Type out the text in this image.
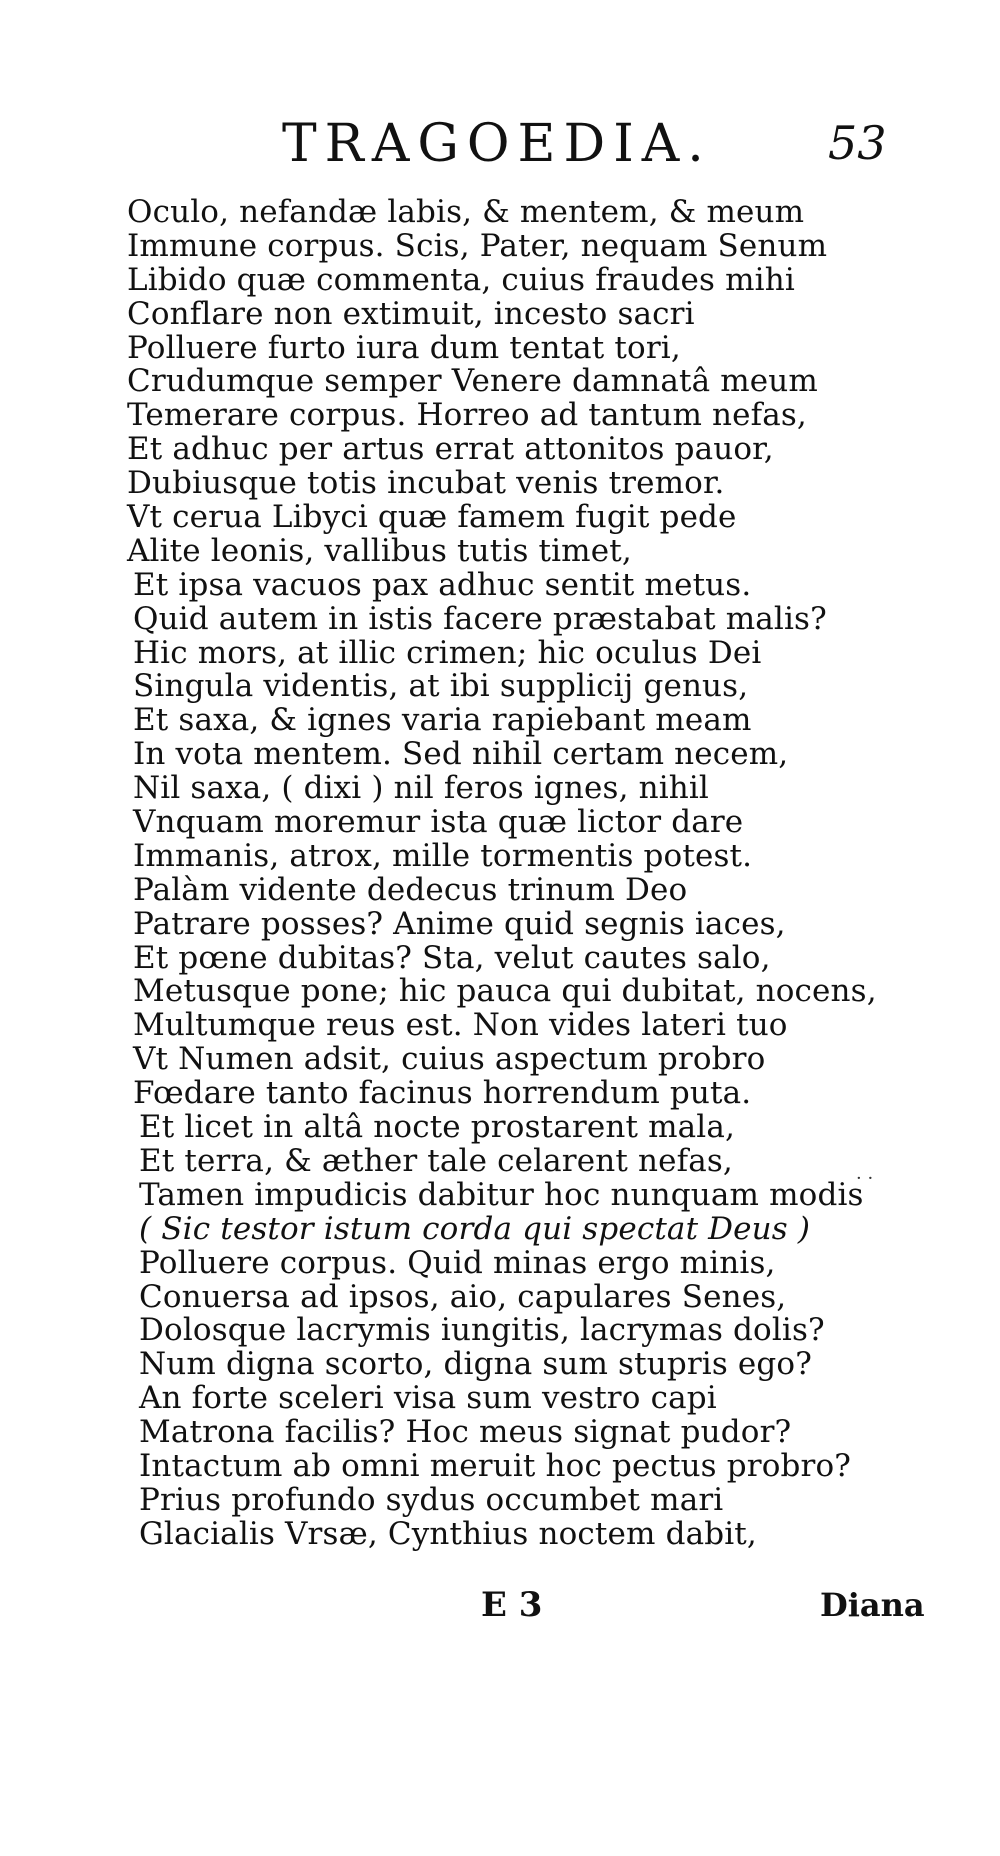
TRAGOEDIA.	53
Oculo, nefandæ labis, & mentem, & meum
Immune corpus. Scis, Pater, nequam Senum
Libido quæ commenta, cuius fraudes mihi
Conflare non extimuit, incesto sacri
Polluere furto iura dum tentat tori,
Crudumque semper Venere damnatâ meum
Temerare corpus. Horreo ad tantum nefas,
Et adhuc per artus errat attonitos pauor,
Dubiusque totis incubat venis tremor.
Vt ceruа Libyci quæ famem fugit pede
Alite leonis, vallibus tutis timet,
Et ipsa vacuos pax adhuc sentit metus.
Quid autem in istis facere præstabat malis?
Hic mors, at illic crimen; hic oculus Dei
Singula videntis, at ibi supplicij genus,
Et saxa, & ignes varia rapiebant meam
In vota mentem. Sed nihil certam necem,
Nil saxa, ( dixi ) nil feros ignes, nihil
Vnquam moremur ista quæ lictor dare
Immanis, atrox, mille tormentis potest.
Palàm vidente dedecus trinum Deo
Patrare posses? Anime quid segnis iaces,
Et pœne dubitas? Sta, velut cautes salo,
Metusque pone; hic pauca qui dubitat, nocens,
Multumque reus est. Non vides lateri tuo
Vt Numen adsit, cuius aspectum probro
Fœdare tanto facinus horrendum puta.
Et licet in altâ nocte prostarent mala,
Et terra, & æther tale celarent nefas,
Tamen impudicis dabitur hoc nunquam modis
( Sic testor istum corda qui spectat Deus )
Polluere corpus. Quid minas ergo minis,
Conuersa ad ipsos, aio, capulares Senes,
Dolosque lacrymis iungitis, lacrymas dolis?
Num digna scorto, digna sum stupris ego?
An forte sceleri visa sum vestro capi
Matrona facilis? Hoc meus signat pudor?
Intactum ab omni meruit hoc pectus probro?
Prius profundo sydus occumbet mari
Glacialis Vrsæ, Cynthius noctem dabit,
· ·
E 3	Diana
